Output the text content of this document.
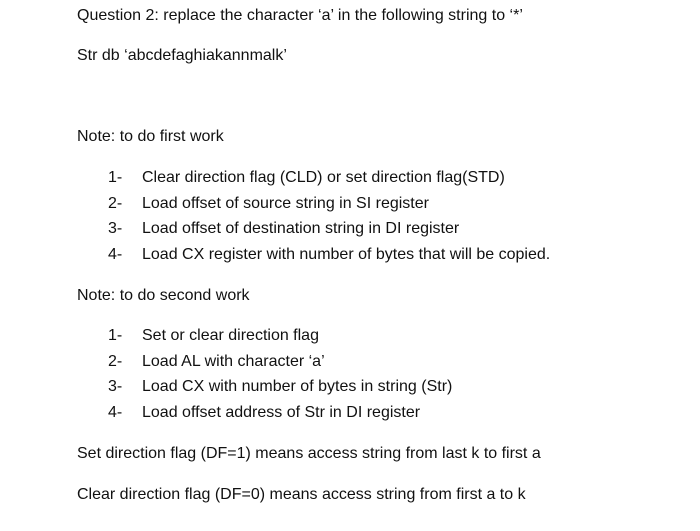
Question 2: replace the character ‘a’ in the following string to ‘*’
Str db ‘abcdefaghiakannmalk’
Note: to do first work
1- Clear direction flag (CLD) or set direction flag(STD)
2- Load offset of source string in SI register
3- Load offset of destination string in DI register
4- Load CX register with number of bytes that will be copied.
Note: to do second work
1- Set or clear direction flag
2- Load AL with character ‘a’
3- Load CX with number of bytes in string (Str)
4- Load offset address of Str in DI register
Set direction flag (DF=1) means access string from last k to first a
Clear direction flag (DF=0) means access string from first a to k
